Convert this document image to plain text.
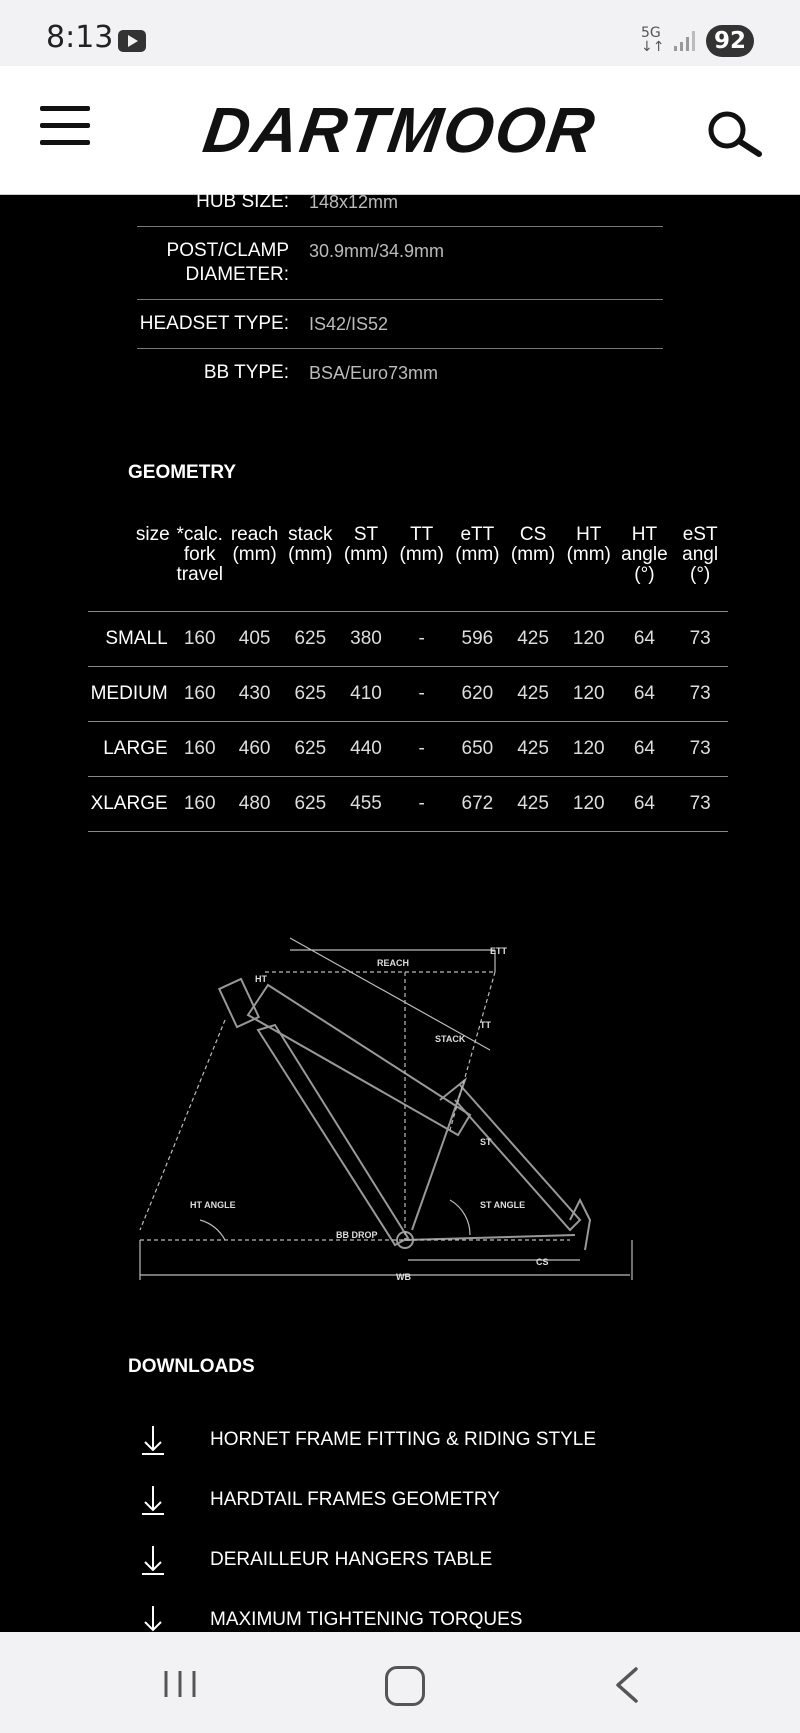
8:13	5G
↓↑	92
DARTMOOR
HUB SIZE: 148x12mm
POST/CLAMP DIAMETER:
30.9mm/34.9mm
HEADSET TYPE: IS42/IS52
BB TYPE: BSA/Euro73mm
GEOMETRY
size	*calc. fork travel	reach (mm)	stack (mm)	ST (mm)	TT (mm)	eTT (mm)	CS (mm)	HT (mm)	HT angle (°)	eST angl (°)
SMALL	160	405	625	380	-	596	425	120	64	73
MEDIUM	160	430	625	410	-	620	425	120	64	73
LARGE	160	460	625	440	-	650	425	120	64	73
XLARGE	160	480	625	455	-	672	425	120	64	73
REACH
ETT
HT
TT
STACK
ST
HT ANGLE	ST ANGLE
BB DROP
CS
WB
DOWNLOADS
HORNET FRAME FITTING & RIDING STYLE
HARDTAIL FRAMES GEOMETRY
DERAILLEUR HANGERS TABLE
MAXIMUM TIGHTENING TORQUES
